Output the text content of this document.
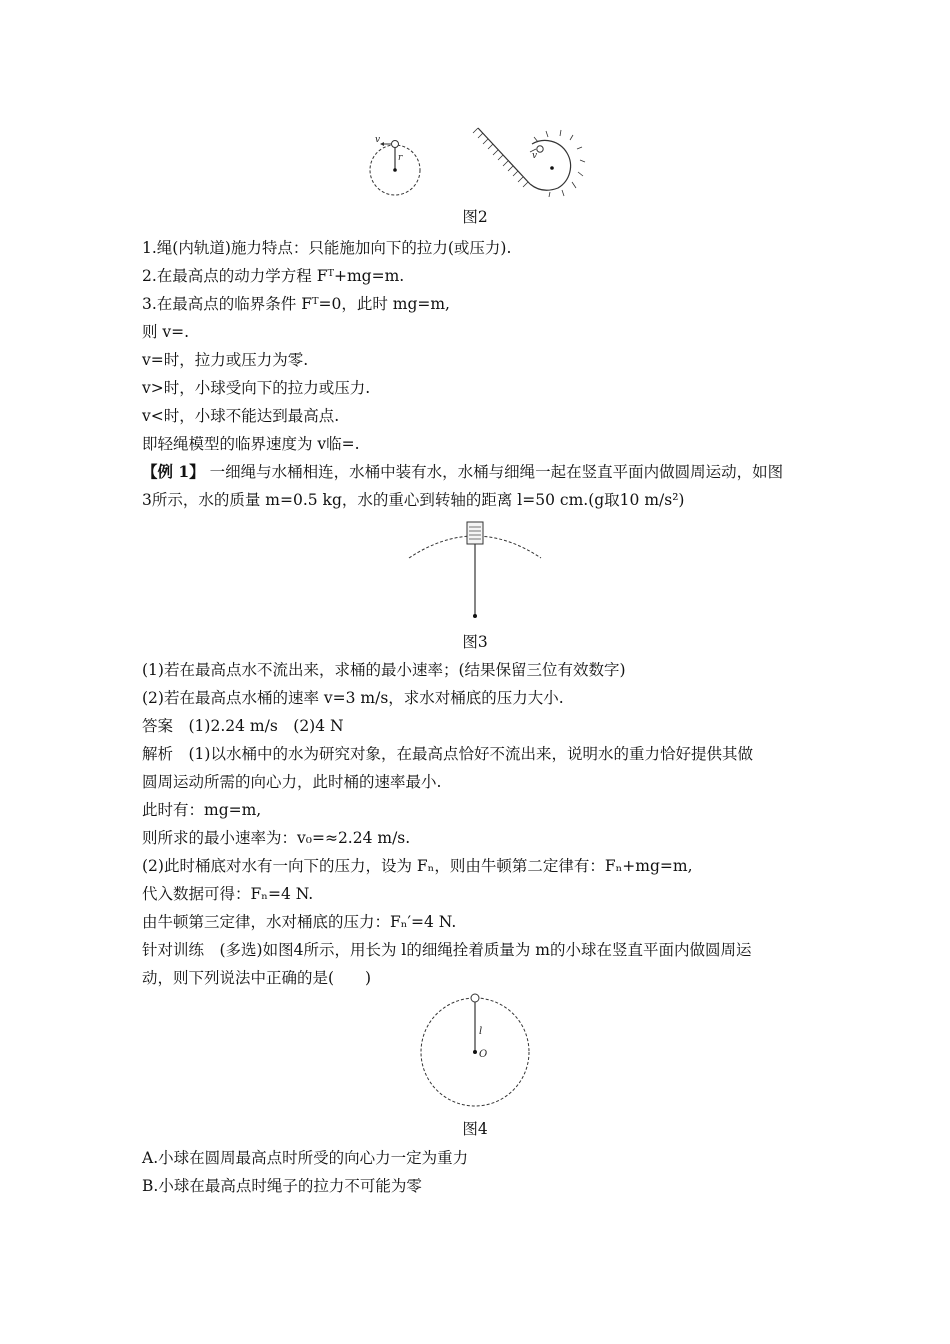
v
r	v
图2
1.绳(内轨道)施力特点：只能施加向下的拉力(或压力).
2.在最高点的动力学方程 Fᵀ+mg=m.
3.在最高点的临界条件 Fᵀ=0，此时 mg=m,
则 v=.
v=时，拉力或压力为零.
v>时，小球受向下的拉力或压力.
v<时，小球不能达到最高点.
即轻绳模型的临界速度为 v临=.
【例 1】 一细绳与水桶相连，水桶中装有水，水桶与细绳一起在竖直平面内做圆周运动，如图
3所示，水的质量 m=0.5 kg，水的重心到转轴的距离 l=50 cm.(g取10 m/s²)
图3
(1)若在最高点水不流出来，求桶的最小速率；(结果保留三位有效数字)
(2)若在最高点水桶的速率 v=3 m/s，求水对桶底的压力大小.
答案　(1)2.24 m/s　(2)4 N
解析　(1)以水桶中的水为研究对象，在最高点恰好不流出来，说明水的重力恰好提供其做
圆周运动所需的向心力，此时桶的速率最小.
此时有：mg=m,
则所求的最小速率为：v₀=≈2.24 m/s.
(2)此时桶底对水有一向下的压力，设为 Fₙ，则由牛顿第二定律有：Fₙ+mg=m,
代入数据可得：Fₙ=4 N.
由牛顿第三定律，水对桶底的压力：Fₙ′=4 N.
针对训练　(多选)如图4所示，用长为 l的细绳拴着质量为 m的小球在竖直平面内做圆周运
动，则下列说法中正确的是(　　)
l
O
图4
A.小球在圆周最高点时所受的向心力一定为重力
B.小球在最高点时绳子的拉力不可能为零
